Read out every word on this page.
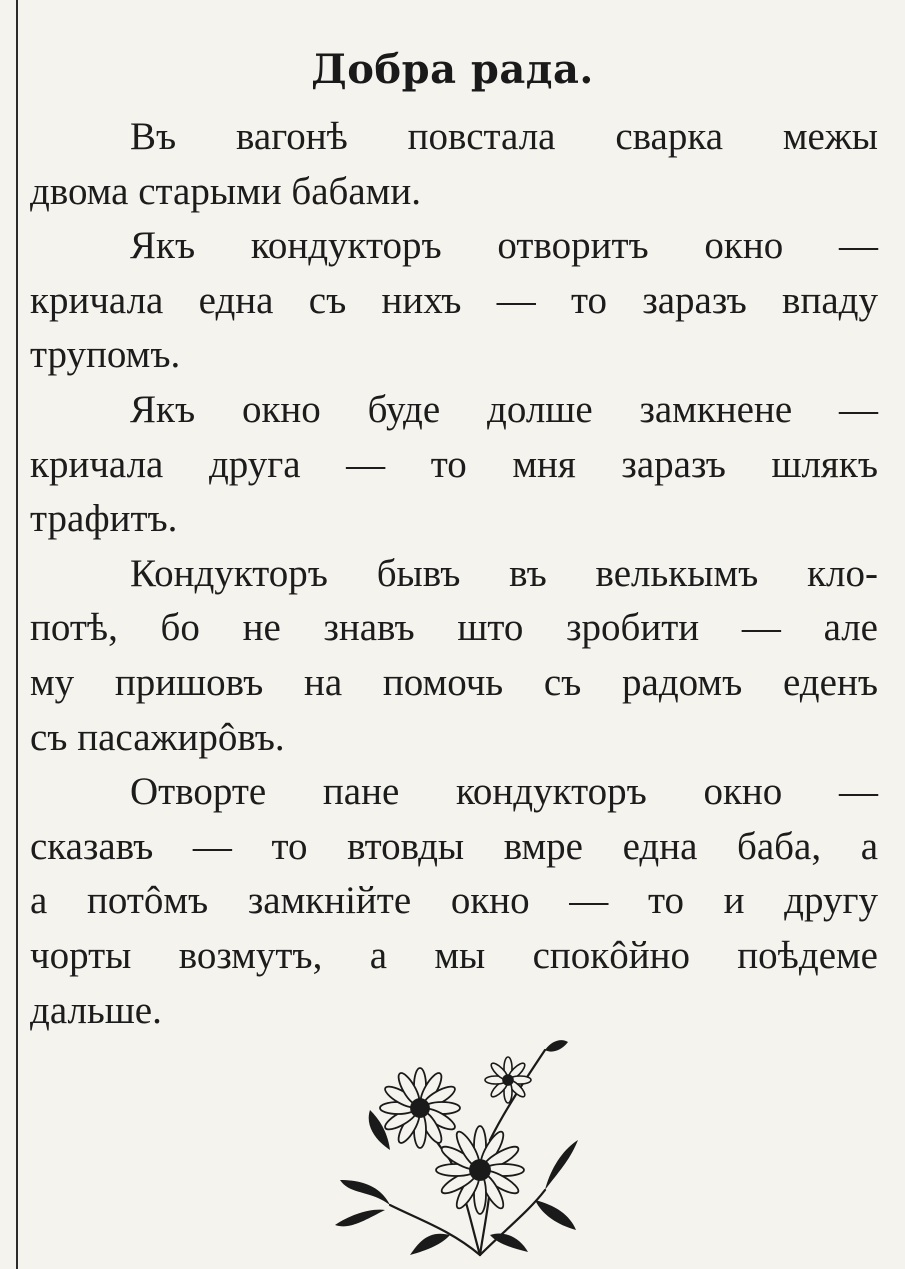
Добра рада.
Въ вагонѣ повстала сварка межы
двома старыми бабами.
Якъ кондукторъ отворитъ окно —
кричала една съ нихъ — то заразъ впаду
трупомъ.
Якъ окно буде долше замкнене —
кричала друга — то мня заразъ шлякъ
трафитъ.
Кондукторъ бывъ въ велькымъ кло-
потѣ, бо не знавъ што зробити — але
му пришовъ на помочь съ радомъ еденъ
съ пасажирôвъ.
Отворте пане кондукторъ окно —
сказавъ — то втовды вмре една баба, а
а потôмъ замкнійте окно — то и другу
чорты возмутъ, а мы спокôйно поѣдеме
дальше.
